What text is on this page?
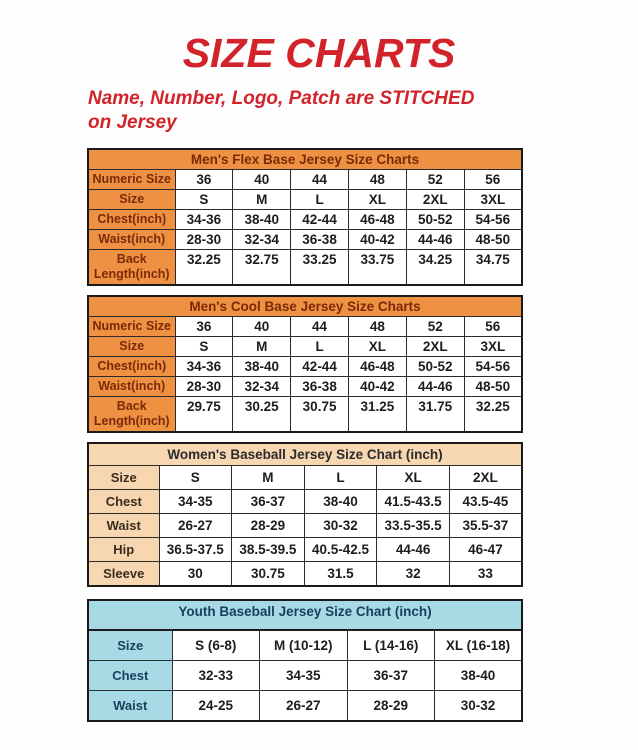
SIZE CHARTS

Name, Number, Logo, Patch are STITCHED
on Jersey

Men's Flex Base Jersey Size Charts						
Numeric Size	36	40	44	48	52	56
Size	S	M	L	XL	2XL	3XL
Chest(inch)	34-36	38-40	42-44	46-48	50-52	54-56
Waist(inch)	28-30	32-34	36-38	40-42	44-46	48-50
Back Length(inch)	32.25	32.75	33.25	33.75	34.25	34.75
Men's Cool Base Jersey Size Charts						
Numeric Size	36	40	44	48	52	56
Size	S	M	L	XL	2XL	3XL
Chest(inch)	34-36	38-40	42-44	46-48	50-52	54-56
Waist(inch)	28-30	32-34	36-38	40-42	44-46	48-50
Back Length(inch)	29.75	30.25	30.75	31.25	31.75	32.25
Women's Baseball Jersey Size Chart (inch)					
Size	S	M	L	XL	2XL
Chest	34-35	36-37	38-40	41.5-43.5	43.5-45
Waist	26-27	28-29	30-32	33.5-35.5	35.5-37
Hip	36.5-37.5	38.5-39.5	40.5-42.5	44-46	46-47
Sleeve	30	30.75	31.5	32	33
Youth Baseball Jersey Size Chart (inch)				
Size	S (6-8)	M (10-12)	L (14-16)	XL (16-18)
Chest	32-33	34-35	36-37	38-40
Waist	24-25	26-27	28-29	30-32
